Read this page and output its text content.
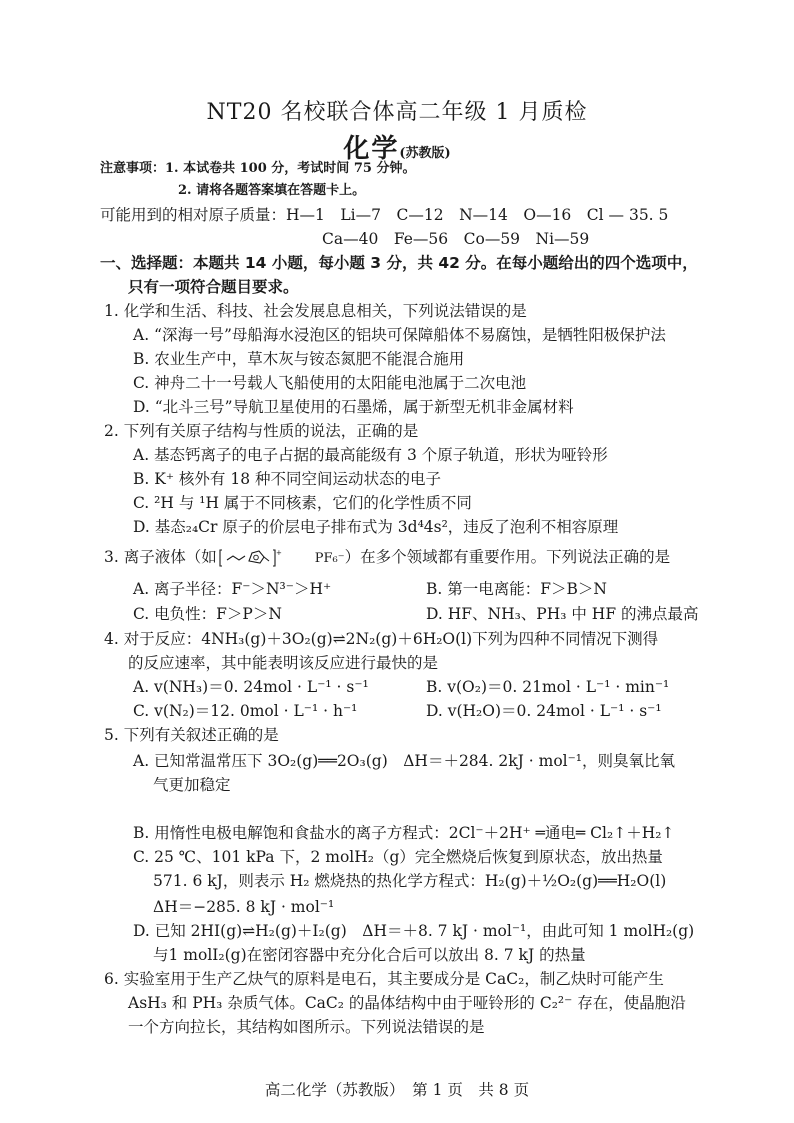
NT20 名校联合体高二年级 1 月质检
化学(苏教版)
注意事项：1. 本试卷共 100 分，考试时间 75 分钟。
2. 请将各题答案填在答题卡上。
可能用到的相对原子质量：H—1　Li—7　C—12　N—14　O—16　Cl — 35. 5
Ca—40　Fe—56　Co—59　Ni—59
一、选择题：本题共 14 小题，每小题 3 分，共 42 分。在每小题给出的四个选项中，
只有一项符合题目要求。
1. 化学和生活、科技、社会发展息息相关，下列说法错误的是
A. “深海一号”母船海水浸泡区的铝块可保障船体不易腐蚀，是牺牲阳极保护法
B. 农业生产中，草木灰与铵态氮肥不能混合施用
C. 神舟二十一号载人飞船使用的太阳能电池属于二次电池
D. “北斗三号”导航卫星使用的石墨烯，属于新型无机非金属材料
2. 下列有关原子结构与性质的说法，正确的是
A. 基态钙离子的电子占据的最高能级有 3 个原子轨道，形状为哑铃形
B. K⁺ 核外有 18 种不同空间运动状态的电子
C. ²H 与 ¹H 属于不同核素，它们的化学性质不同
D. 基态₂₄Cr 原子的价层电子排布式为 3d⁴4s²，违反了泡利不相容原理
3. 离子液体（如	+	PF₆⁻）在多个领域都有重要作用。下列说法正确的是
A. 离子半径：F⁻＞N³⁻＞H⁺	B. 第一电离能：F＞B＞N
C. 电负性：F＞P＞N	D. HF、NH₃、PH₃ 中 HF 的沸点最高
4. 对于反应：4NH₃(g)＋3O₂(g)⇌2N₂(g)＋6H₂O(l)下列为四种不同情况下测得
的反应速率，其中能表明该反应进行最快的是
A. v(NH₃)＝0. 24mol · L⁻¹ · s⁻¹	B. v(O₂)＝0. 21mol · L⁻¹ · min⁻¹
C. v(N₂)＝12. 0mol · L⁻¹ · h⁻¹	D. v(H₂O)＝0. 24mol · L⁻¹ · s⁻¹
5. 下列有关叙述正确的是
A. 已知常温常压下 3O₂(g)══2O₃(g)　ΔH＝＋284. 2kJ · mol⁻¹，则臭氧比氧
气更加稳定
B. 用惰性电极电解饱和食盐水的离子方程式：2Cl⁻＋2H⁺ ═通电═ Cl₂↑＋H₂↑
C. 25 ℃、101 kPa 下，2 molH₂（g）完全燃烧后恢复到原状态，放出热量
571. 6 kJ，则表示 H₂ 燃烧热的热化学方程式：H₂(g)＋½O₂(g)══H₂O(l)
ΔH＝−285. 8 kJ · mol⁻¹
D. 已知 2HI(g)⇌H₂(g)＋I₂(g)　ΔH＝＋8. 7 kJ · mol⁻¹，由此可知 1 molH₂(g)
与1 molI₂(g)在密闭容器中充分化合后可以放出 8. 7 kJ 的热量
6. 实验室用于生产乙炔气的原料是电石，其主要成分是 CaC₂，制乙炔时可能产生
AsH₃ 和 PH₃ 杂质气体。CaC₂ 的晶体结构中由于哑铃形的 C₂²⁻ 存在，使晶胞沿
一个方向拉长，其结构如图所示。下列说法错误的是
高二化学（苏教版）　第 1 页　共 8 页
